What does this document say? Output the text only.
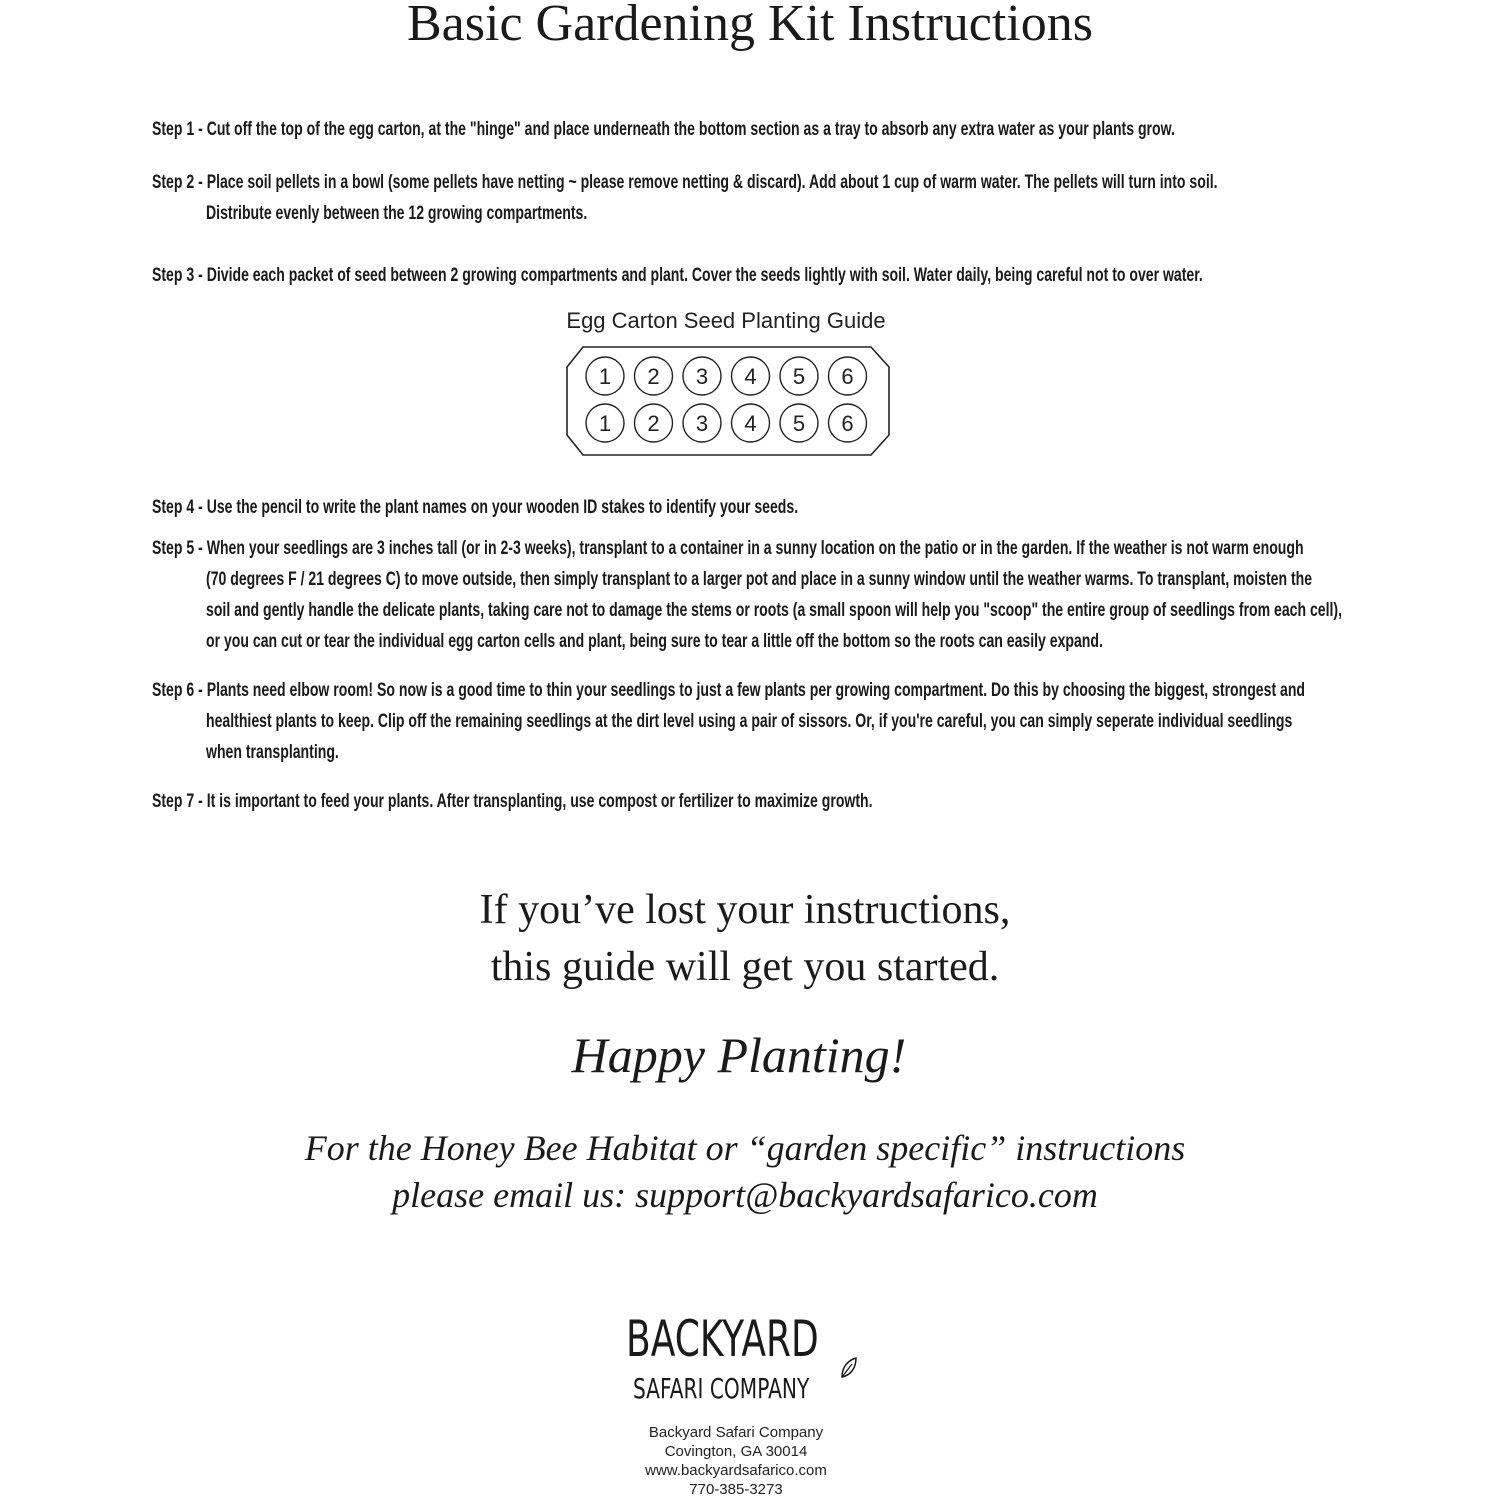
Basic Gardening Kit Instructions
Step 1 - Cut off the top of the egg carton, at the "hinge" and place underneath the bottom section as a tray to absorb any extra water as your plants grow.
Step 2 - Place soil pellets in a bowl (some pellets have netting ~ please remove netting & discard). Add about 1 cup of warm water. The pellets will turn into soil.
Distribute evenly between the 12 growing compartments.
Step 3 - Divide each packet of seed between 2 growing compartments and plant. Cover the seeds lightly with soil. Water daily, being careful not to over water.
Egg Carton Seed Planting Guide
1 2 3 4 5 6
1 2 3 4 5 6
Step 4 - Use the pencil to write the plant names on your wooden ID stakes to identify your seeds.
Step 5 - When your seedlings are 3 inches tall (or in 2-3 weeks), transplant to a container in a sunny location on the patio or in the garden. If the weather is not warm enough
(70 degrees F / 21 degrees C) to move outside, then simply transplant to a larger pot and place in a sunny window until the weather warms. To transplant, moisten the
soil and gently handle the delicate plants, taking care not to damage the stems or roots (a small spoon will help you "scoop" the entire group of seedlings from each cell),
or you can cut or tear the individual egg carton cells and plant, being sure to tear a little off the bottom so the roots can easily expand.
Step 6 - Plants need elbow room! So now is a good time to thin your seedlings to just a few plants per growing compartment. Do this by choosing the biggest, strongest and
healthiest plants to keep. Clip off the remaining seedlings at the dirt level using a pair of sissors. Or, if you're careful, you can simply seperate individual seedlings
when transplanting.
Step 7 - It is important to feed your plants. After transplanting, use compost or fertilizer to maximize growth.
If you’ve lost your instructions,
this guide will get you started.
Happy Planting!
For the Honey Bee Habitat or “garden specific” instructions
please email us: support@backyardsafarico.com
BACKYARD
SAFARI COMPANY
Backyard Safari Company
Covington, GA 30014
www.backyardsafarico.com
770-385-3273
